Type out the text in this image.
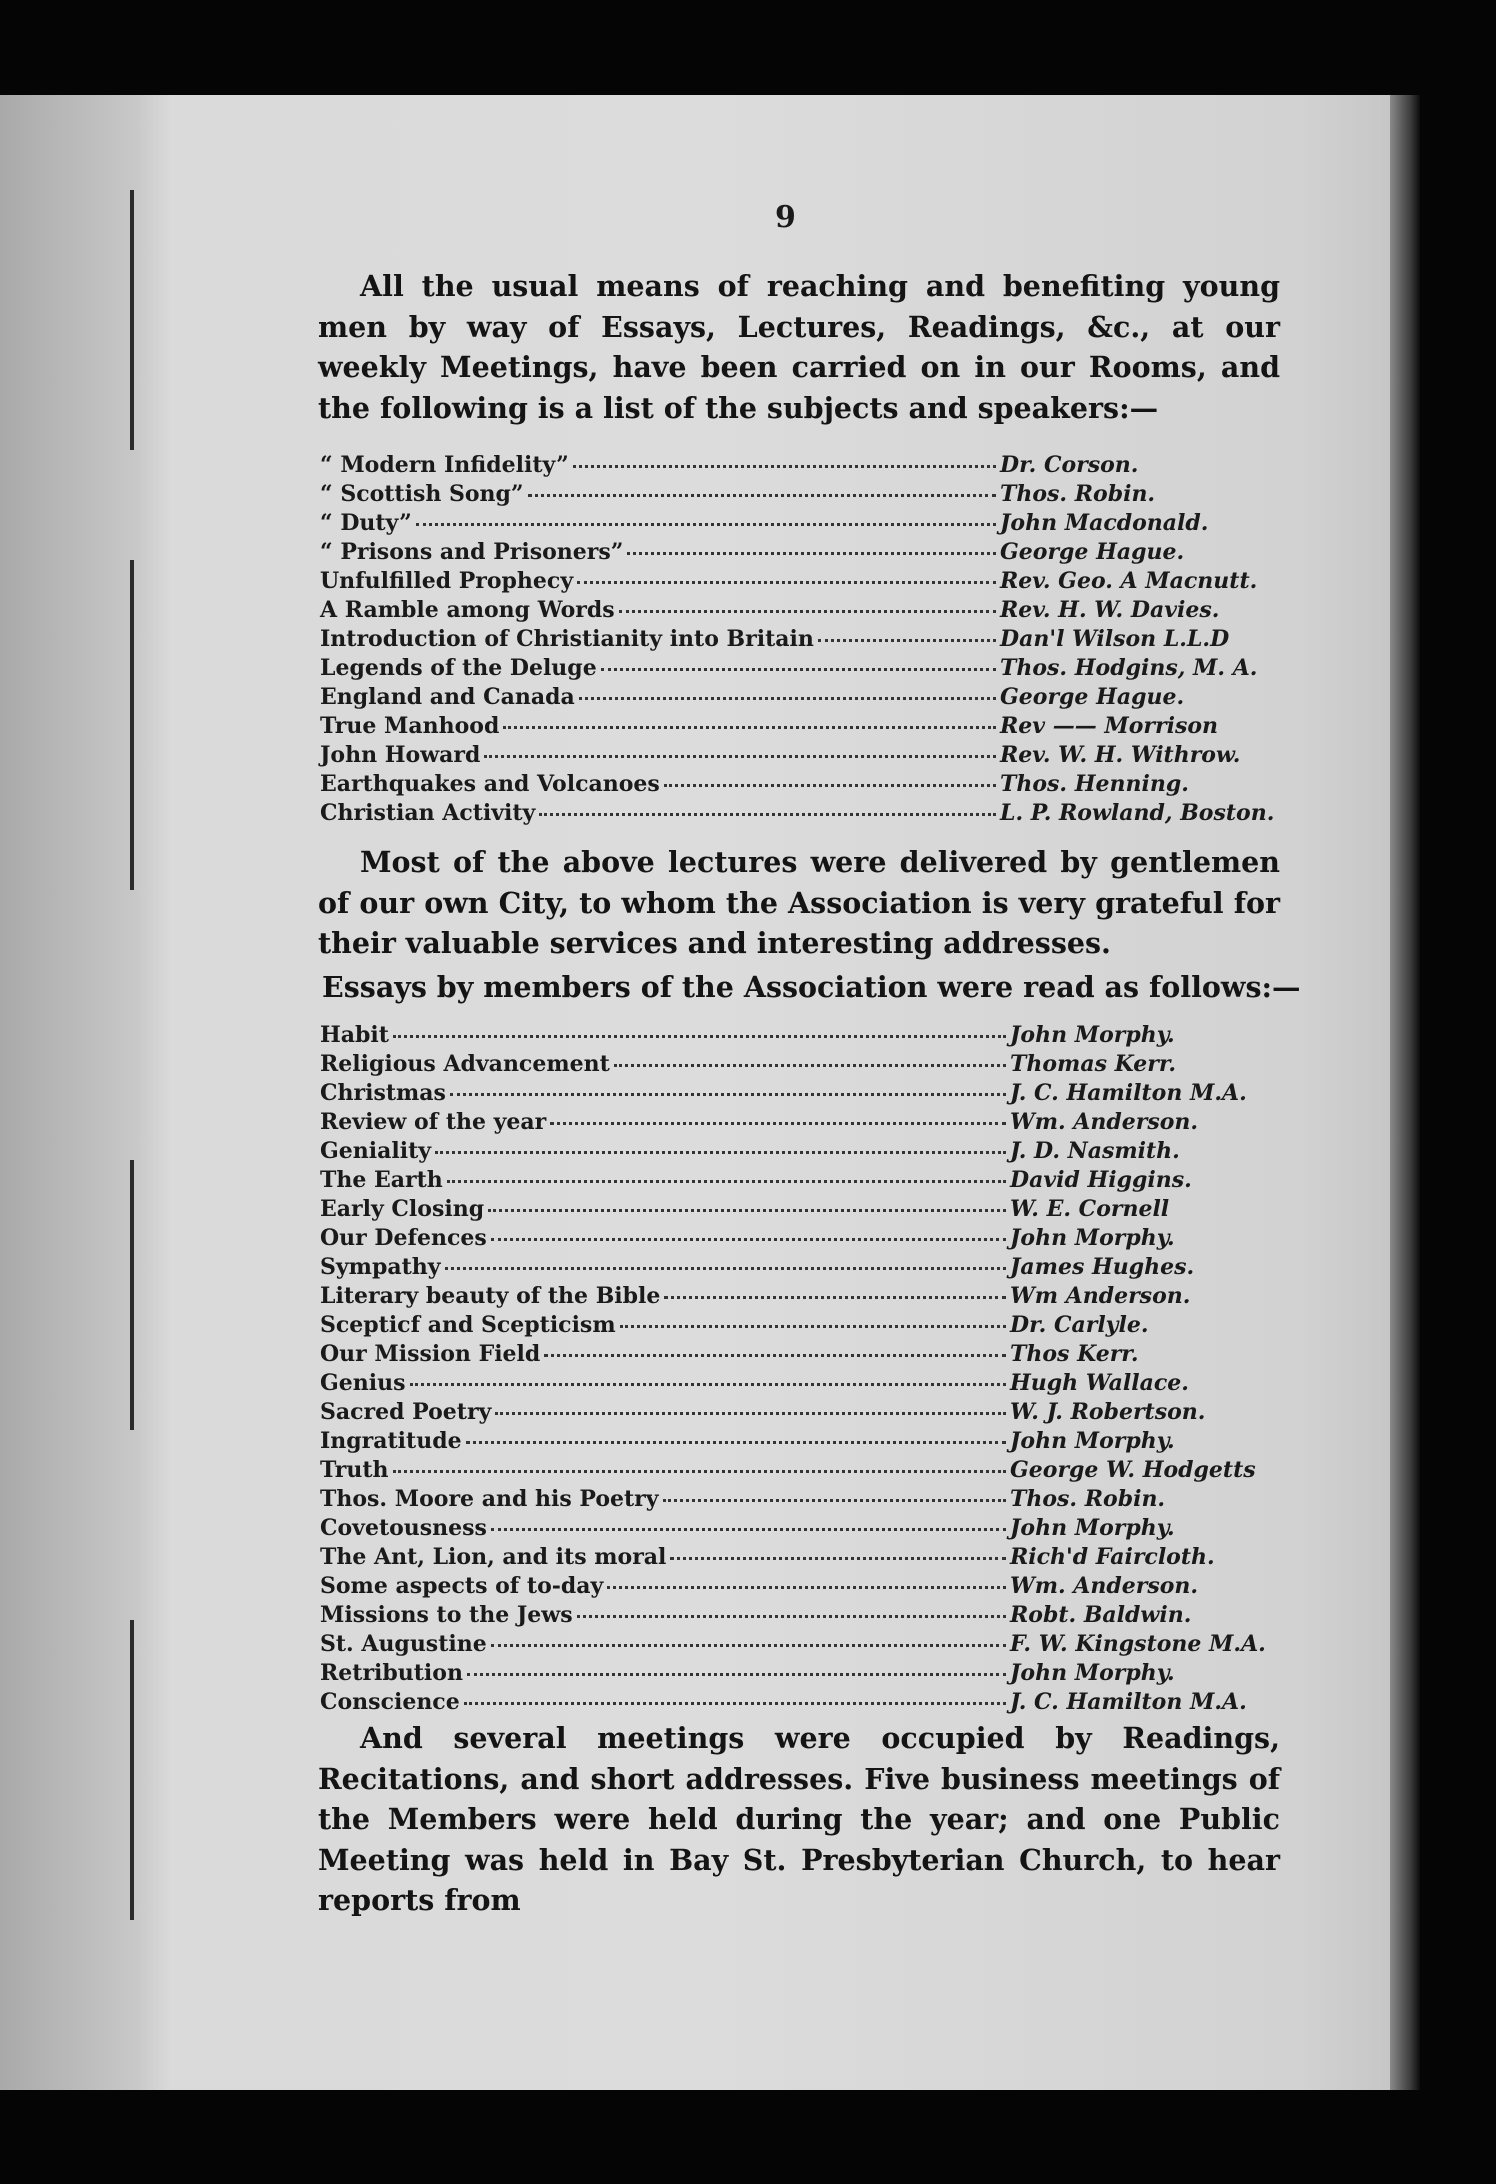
9

All the usual means of reaching and benefiting young men by way of Essays, Lectures, Readings, &c., at our weekly Meetings, have been carried on in our Rooms, and the following is a list of the subjects and speakers:—

“ Modern Infidelity”	Dr. Corson.
“ Scottish Song”	Thos. Robin.
“ Duty”	John Macdonald.
“ Prisons and Prisoners”	George Hague.
Unfulfilled Prophecy	Rev. Geo. A Macnutt.
A Ramble among Words	Rev. H. W. Davies.
Introduction of Christianity into Britain	Dan'l Wilson L.L.D
Legends of the Deluge	Thos. Hodgins, M. A.
England and Canada	George Hague.
True Manhood	Rev —— Morrison
John Howard	Rev. W. H. Withrow.
Earthquakes and Volcanoes	Thos. Henning.
Christian Activity	L. P. Rowland, Boston.

Most of the above lectures were delivered by gentlemen of our own City, to whom the Association is very grateful for their valuable services and interesting addresses.

Essays by members of the Association were read as follows:—
Habit	John Morphy.
Religious Advancement	Thomas Kerr.
Christmas	J. C. Hamilton M.A.
Review of the year	Wm. Anderson.
Geniality	J. D. Nasmith.
The Earth	David Higgins.
Early Closing	W. E. Cornell
Our Defences	John Morphy.
Sympathy	James Hughes.
Literary beauty of the Bible	Wm Anderson.
Scepticf and Scepticism	Dr. Carlyle.
Our Mission Field	Thos Kerr.
Genius	Hugh Wallace.
Sacred Poetry	W. J. Robertson.
Ingratitude	John Morphy.
Truth	George W. Hodgetts
Thos. Moore and his Poetry	Thos. Robin.
Covetousness	John Morphy.
The Ant, Lion, and its moral	Rich'd Faircloth.
Some aspects of to-day	Wm. Anderson.
Missions to the Jews	Robt. Baldwin.
St. Augustine	F. W. Kingstone M.A.
Retribution	John Morphy.
Conscience	J. C. Hamilton M.A.

And several meetings were occupied by Readings, Recitations, and short addresses. Five business meetings of the Members were held during the year; and one Public Meeting was held in Bay St. Presbyterian Church, to hear reports from
